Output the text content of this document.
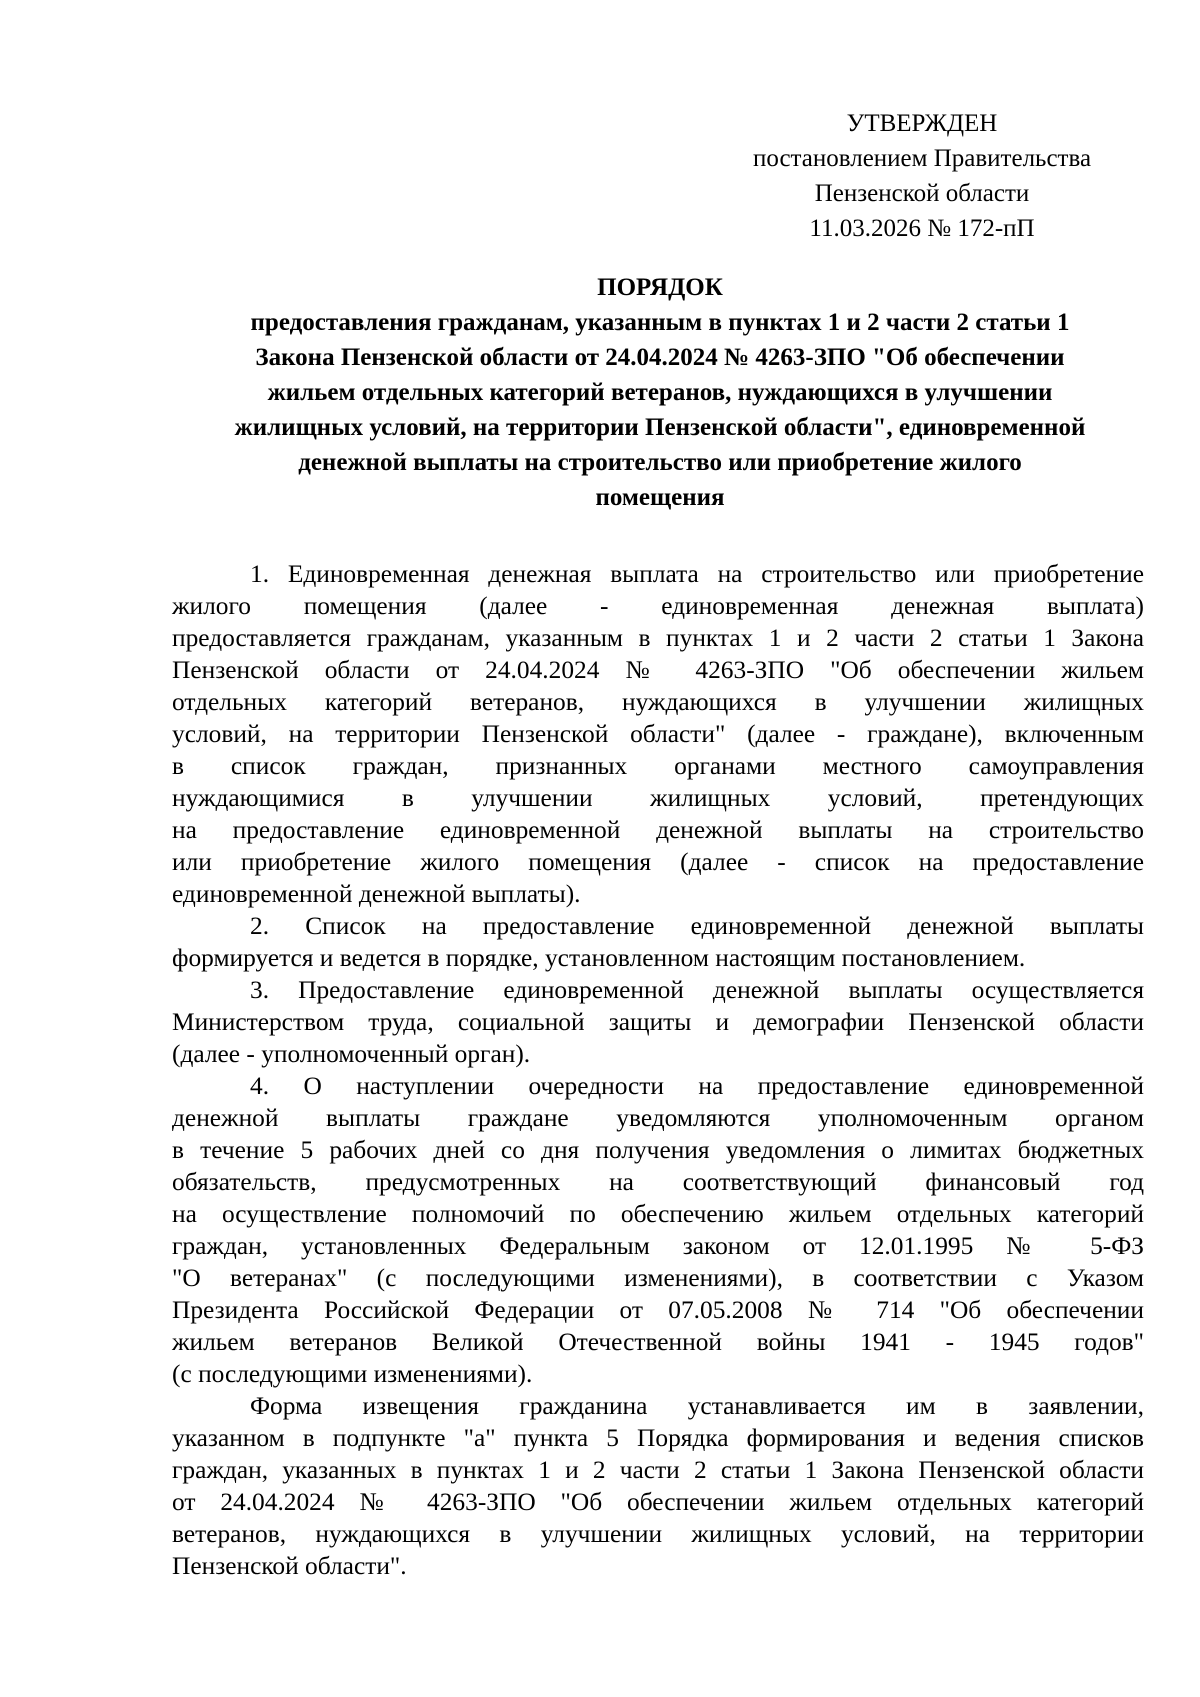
УТВЕРЖДЕН
постановлением Правительства
Пензенской области
11.03.2026 № 172-пП
ПОРЯДОК
предоставления гражданам, указанным в пунктах 1 и 2 части 2 статьи 1
Закона Пензенской области от 24.04.2024 № 4263-ЗПО "Об обеспечении
жильем отдельных категорий ветеранов, нуждающихся в улучшении
жилищных условий, на территории Пензенской области", единовременной
денежной выплаты на строительство или приобретение жилого
помещения
1. Единовременная денежная выплата на строительство или приобретение
жилого помещения (далее - единовременная денежная выплата)
предоставляется гражданам, указанным в пунктах 1 и 2 части 2 статьи 1 Закона
Пензенской области от 24.04.2024 № 4263-ЗПО "Об обеспечении жильем
отдельных категорий ветеранов, нуждающихся в улучшении жилищных
условий, на территории Пензенской области" (далее - граждане), включенным
в список граждан, признанных органами местного самоуправления
нуждающимися в улучшении жилищных условий, претендующих
на предоставление единовременной денежной выплаты на строительство
или приобретение жилого помещения (далее - список на предоставление
единовременной денежной выплаты).
2. Список на предоставление единовременной денежной выплаты
формируется и ведется в порядке, установленном настоящим постановлением.
3. Предоставление единовременной денежной выплаты осуществляется
Министерством труда, социальной защиты и демографии Пензенской области
(далее - уполномоченный орган).
4. О наступлении очередности на предоставление единовременной
денежной выплаты граждане уведомляются уполномоченным органом
в течение 5 рабочих дней со дня получения уведомления о лимитах бюджетных
обязательств, предусмотренных на соответствующий финансовый год
на осуществление полномочий по обеспечению жильем отдельных категорий
граждан, установленных Федеральным законом от 12.01.1995 № 5-ФЗ
"О ветеранах" (с последующими изменениями), в соответствии с Указом
Президента Российской Федерации от 07.05.2008 № 714 "Об обеспечении
жильем ветеранов Великой Отечественной войны 1941 - 1945 годов"
(с последующими изменениями).
Форма извещения гражданина устанавливается им в заявлении,
указанном в подпункте "а" пункта 5 Порядка формирования и ведения списков
граждан, указанных в пунктах 1 и 2 части 2 статьи 1 Закона Пензенской области
от 24.04.2024 № 4263-ЗПО "Об обеспечении жильем отдельных категорий
ветеранов, нуждающихся в улучшении жилищных условий, на территории
Пензенской области".
